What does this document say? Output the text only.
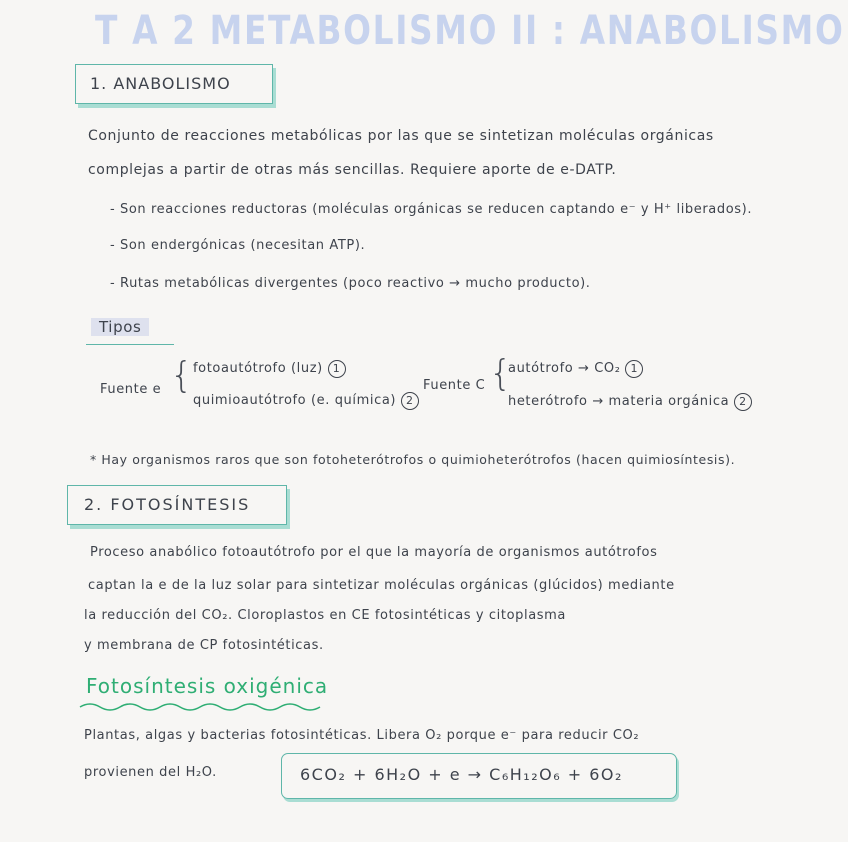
T A 2 METABOLISMO II : ANABOLISMO
1. ANABOLISMO
Conjunto de reacciones metabólicas por las que se sintetizan moléculas orgánicas
complejas a partir de otras más sencillas. Requiere aporte de e-DATP.
- Son reacciones reductoras (moléculas orgánicas se reducen captando e⁻ y H⁺ liberados).
- Son endergónicas (necesitan ATP).
- Rutas metabólicas divergentes (poco reactivo → mucho producto).
Tipos
Fuente e { fotoautótrofo (luz) 1
quimioautótrofo (e. química) 2
Fuente C {
autótrofo → CO₂ 1
heterótrofo → materia orgánica 2
* Hay organismos raros que son fotoheterótrofos o quimioheterótrofos (hacen quimiosíntesis).
2. FOTOSÍNTESIS
Proceso anabólico fotoautótrofo por el que la mayoría de organismos autótrofos
captan la e de la luz solar para sintetizar moléculas orgánicas (glúcidos) mediante
la reducción del CO₂. Cloroplastos en CE fotosintéticas y citoplasma
y membrana de CP fotosintéticas.
Fotosíntesis oxigénica
Plantas, algas y bacterias fotosintéticas. Libera O₂ porque e⁻ para reducir CO₂
provienen del H₂O.	6CO₂ + 6H₂O + e → C₆H₁₂O₆ + 6O₂
